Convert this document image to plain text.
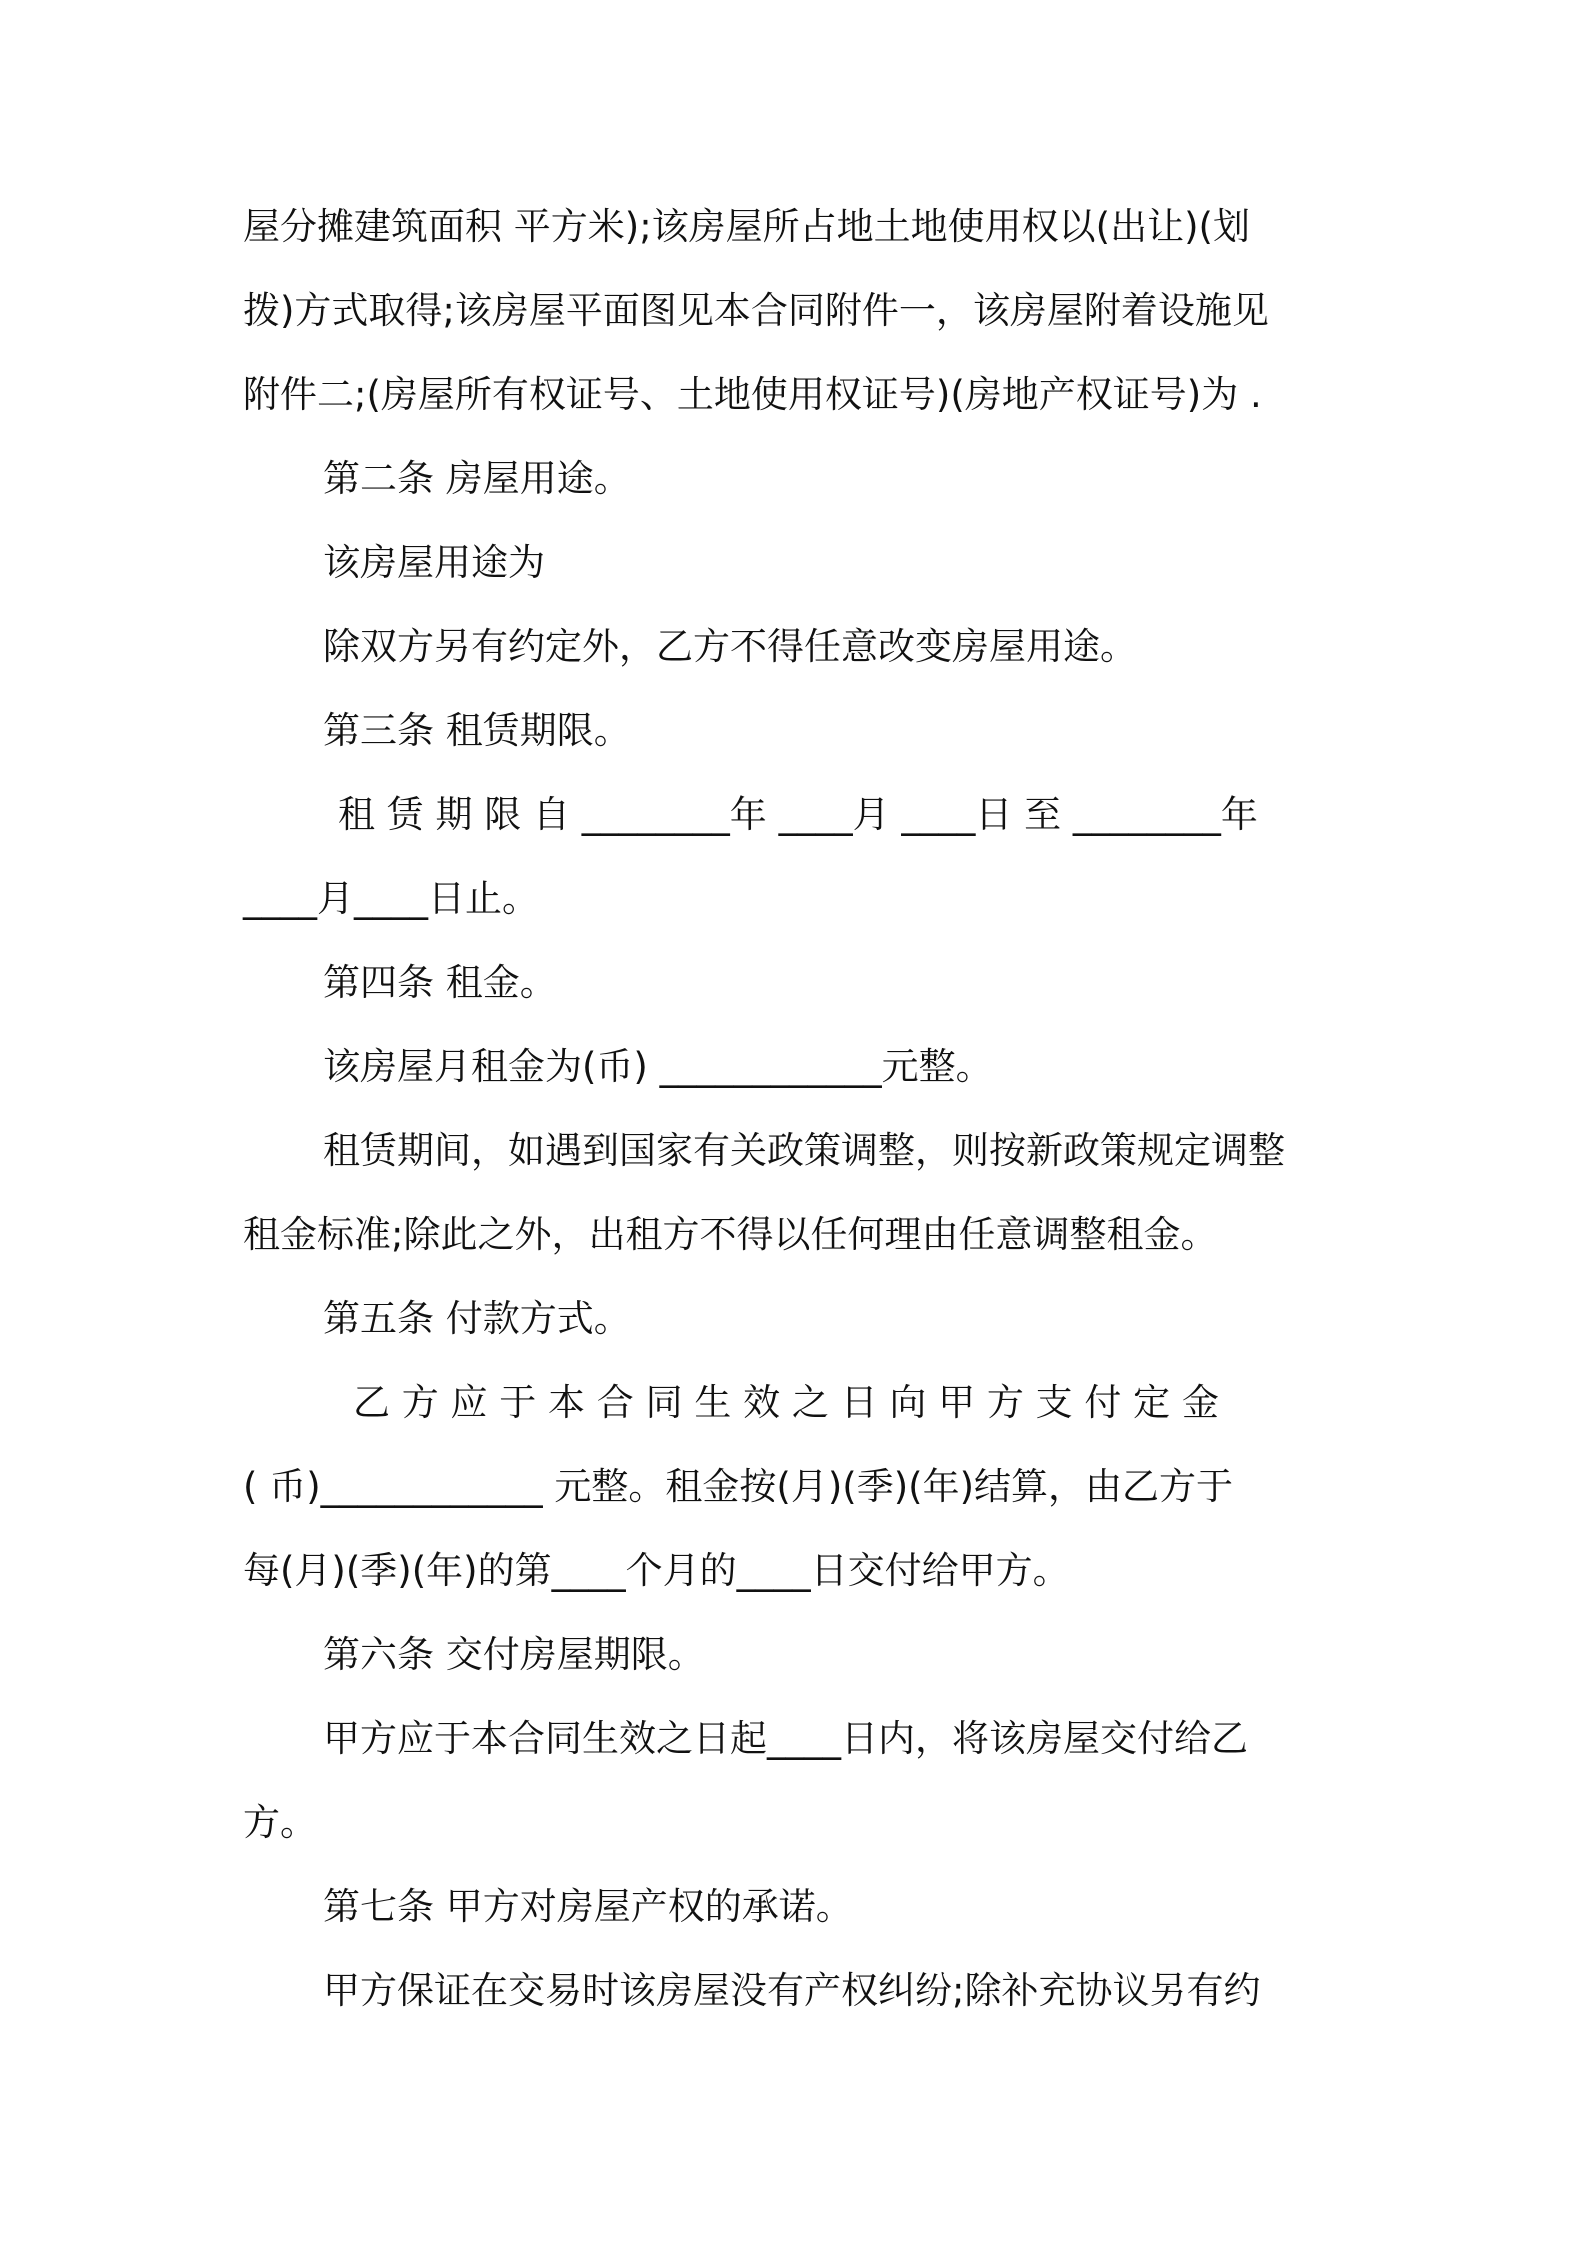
屋分摊建筑面积 平方米);该房屋所占地土地使用权以(出让)(划
拨)方式取得;该房屋平面图见本合同附件一，该房屋附着设施见
附件二;(房屋所有权证号、土地使用权证号)(房地产权证号)为 .
第二条 房屋用途。
该房屋用途为
除双方另有约定外，乙方不得任意改变房屋用途。
第三条 租赁期限。
租 赁 期 限 自 ________年 ____月 ____日 至 ________年
____月____日止。
第四条 租金。
该房屋月租金为(币) ____________元整。
租赁期间，如遇到国家有关政策调整，则按新政策规定调整
租金标准;除此之外，出租方不得以任何理由任意调整租金。
第五条 付款方式。
乙 方 应 于 本 合 同 生 效 之 日 向 甲 方 支 付 定 金
( 币)____________ 元整。租金按(月)(季)(年)结算，由乙方于
每(月)(季)(年)的第____个月的____日交付给甲方。
第六条 交付房屋期限。
甲方应于本合同生效之日起____日内，将该房屋交付给乙
方。
第七条 甲方对房屋产权的承诺。
甲方保证在交易时该房屋没有产权纠纷;除补充协议另有约
